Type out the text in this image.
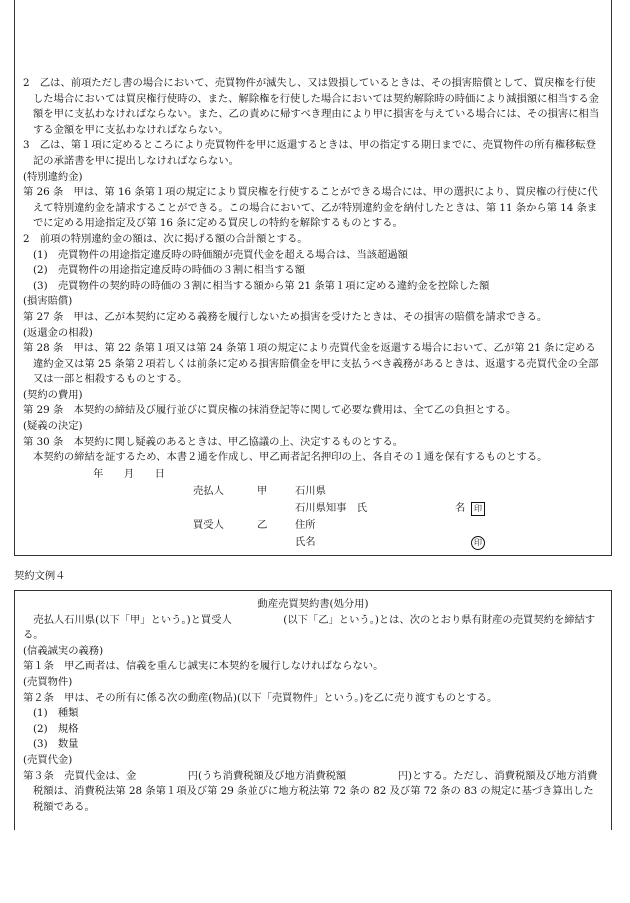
2　乙は、前項ただし書の場合において、売買物件が滅失し、又は毀損しているときは、その損害賠償として、買戻権を行使した場合においては買戻権行使時の、また、解除権を行使した場合においては契約解除時の時価により減損額に相当する金額を甲に支払わなければならない。また、乙の責めに帰すべき理由により甲に損害を与えている場合には、その損害に相当する金額を甲に支払わなければならない。

3　乙は、第１項に定めるところにより売買物件を甲に返還するときは、甲の指定する期日までに、売買物件の所有権移転登記の承諾書を甲に提出しなければならない。

(特別違約金)

第 26 条　甲は、第 16 条第１項の規定により買戻権を行使することができる場合には、甲の選択により、買戻権の行使に代えて特別違約金を請求することができる。この場合において、乙が特別違約金を納付したときは、第 11 条から第 14 条までに定める用途指定及び第 16 条に定める買戻しの特約を解除するものとする。

2　前項の特別違約金の額は、次に掲げる額の合計額とする。

(1)　売買物件の用途指定違反時の時価額が売買代金を超える場合は、当該超過額

(2)　売買物件の用途指定違反時の時価の３割に相当する額

(3)　売買物件の契約時の時価の３割に相当する額から第 21 条第１項に定める違約金を控除した額

(損害賠償)

第 27 条　甲は、乙が本契約に定める義務を履行しないため損害を受けたときは、その損害の賠償を請求できる。

(返還金の相殺)

第 28 条　甲は、第 22 条第１項又は第 24 条第１項の規定により売買代金を返還する場合において、乙が第 21 条に定める違約金又は第 25 条第２項若しくは前条に定める損害賠償金を甲に支払うべき義務があるときは、返還する売買代金の全部又は一部と相殺するものとする。

(契約の費用)

第 29 条　本契約の締結及び履行並びに買戻権の抹消登記等に関して必要な費用は、全て乙の負担とする。

(疑義の決定)

第 30 条　本契約に関し疑義のあるときは、甲乙協議の上、決定するものとする。

本契約の締結を証するため、本書２通を作成し、甲乙両者記名押印の上、各自その１通を保有するものとする。

年　　月　　日
売払人	甲	石川県
石川県知事　氏	名	印
買受人	乙	住所
氏名	印

契約文例４

動産売買契約書(処分用)

　売払人石川県(以下「甲」という。)と買受人　　　　　(以下「乙」という。)とは、次のとおり県有財産の売買契約を締結する。

(信義誠実の義務)

第１条　甲乙両者は、信義を重んじ誠実に本契約を履行しなければならない。

(売買物件)

第２条　甲は、その所有に係る次の動産(物品)(以下「売買物件」という。)を乙に売り渡すものとする。

(1)　種類

(2)　規格

(3)　数量

(売買代金)

第３条　売買代金は、金　　　　　円(うち消費税額及び地方消費税額　　　　　円)とする。ただし、消費税額及び地方消費税額は、消費税法第 28 条第１項及び第 29 条並びに地方税法第 72 条の 82 及び第 72 条の 83 の規定に基づき算出した税額である。
